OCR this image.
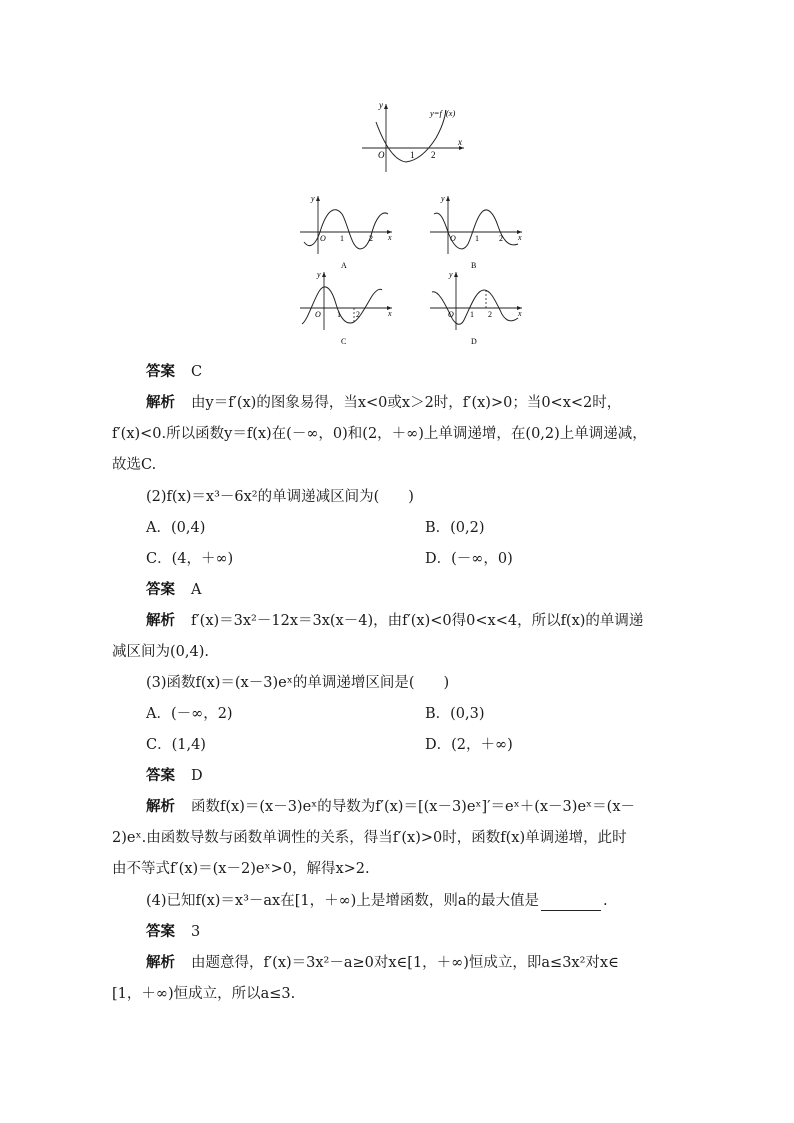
y
x
O	1 2
y=f ′(x)
y
x
O 1	2
A
y
x
O 1	2
B
y
x
O 1 2
C
y
x
O 1 2
D
答案 C
解析 由y＝f′(x)的图象易得，当x<0或x＞2时，f′(x)>0；当0<x<2时，
f′(x)<0.所以函数y＝f(x)在(－∞，0)和(2，＋∞)上单调递增，在(0,2)上单调递减，
故选C.
(2)f(x)＝x³－6x²的单调递减区间为(　　)
A．(0,4)	B．(0,2)
C．(4，＋∞)	D．(－∞，0)
答案 A
解析 f′(x)＝3x²－12x＝3x(x－4)，由f′(x)<0得0<x<4，所以f(x)的单调递
减区间为(0,4).
(3)函数f(x)＝(x－3)eˣ的单调递增区间是(　　)
A．(－∞，2)	B．(0,3)
C．(1,4)	D．(2，＋∞)
答案 D
解析 函数f(x)＝(x－3)eˣ的导数为f′(x)＝[(x－3)eˣ]′＝eˣ＋(x－3)eˣ＝(x－
2)eˣ.由函数导数与函数单调性的关系，得当f′(x)>0时，函数f(x)单调递增，此时
由不等式f′(x)＝(x－2)eˣ>0，解得x>2.
(4)已知f(x)＝x³－ax在[1，＋∞)上是增函数，则a的最大值是	.
答案 3
解析 由题意得，f′(x)＝3x²－a≥0对x∈[1，＋∞)恒成立，即a≤3x²对x∈
[1，＋∞)恒成立，所以a≤3.
